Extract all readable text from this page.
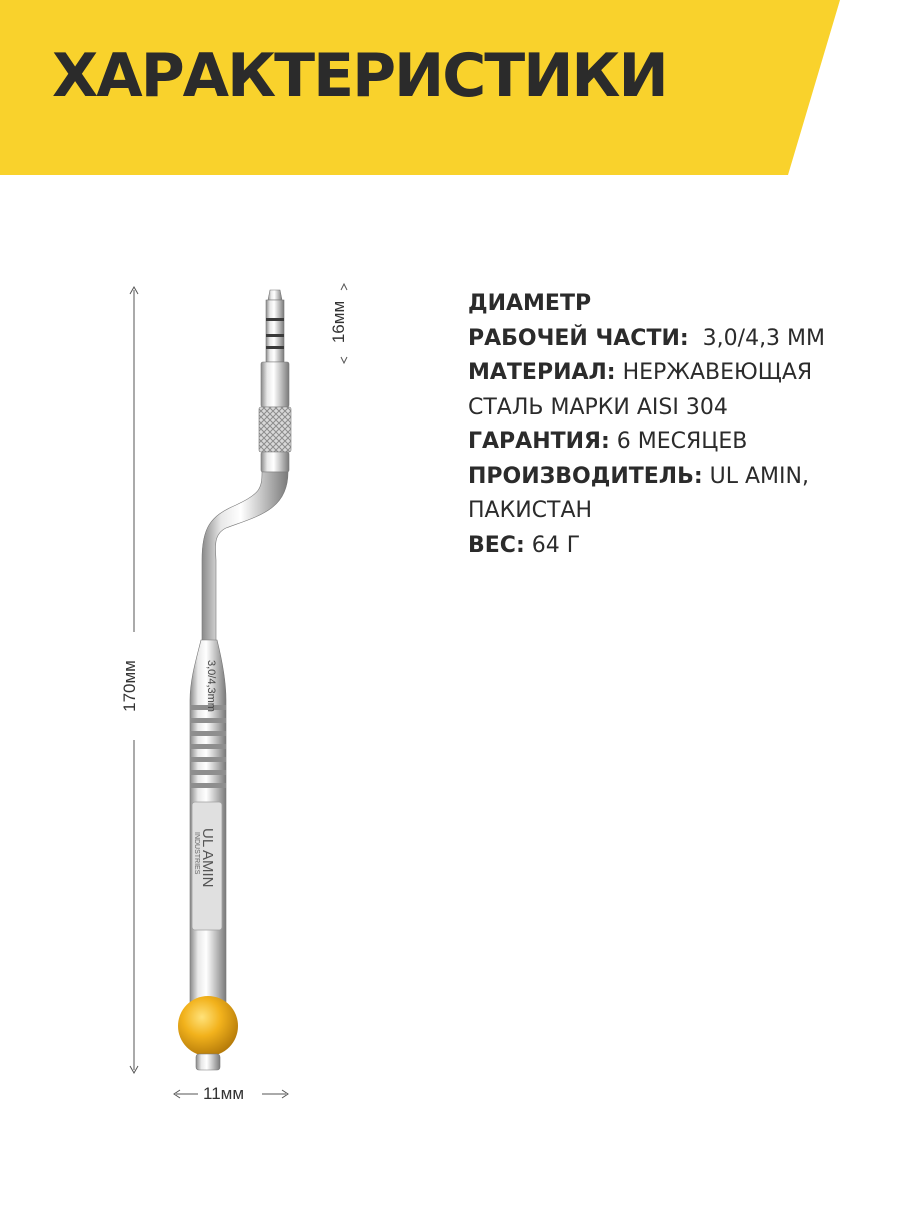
ХАРАКТЕРИСТИКИ
3,0/4,3mm
UL AMIN
INDUSTRIES
16мм
170мм
11мм
ДИАМЕТР
РАБОЧЕЙ ЧАСТИ: 3,0/4,3 ММ
МАТЕРИАЛ: НЕРЖАВЕЮЩАЯ
СТАЛЬ МАРКИ AISI 304
ГАРАНТИЯ: 6 МЕСЯЦЕВ
ПРОИЗВОДИТЕЛЬ: UL AMIN,
ПАКИСТАН
ВЕС: 64 Г
